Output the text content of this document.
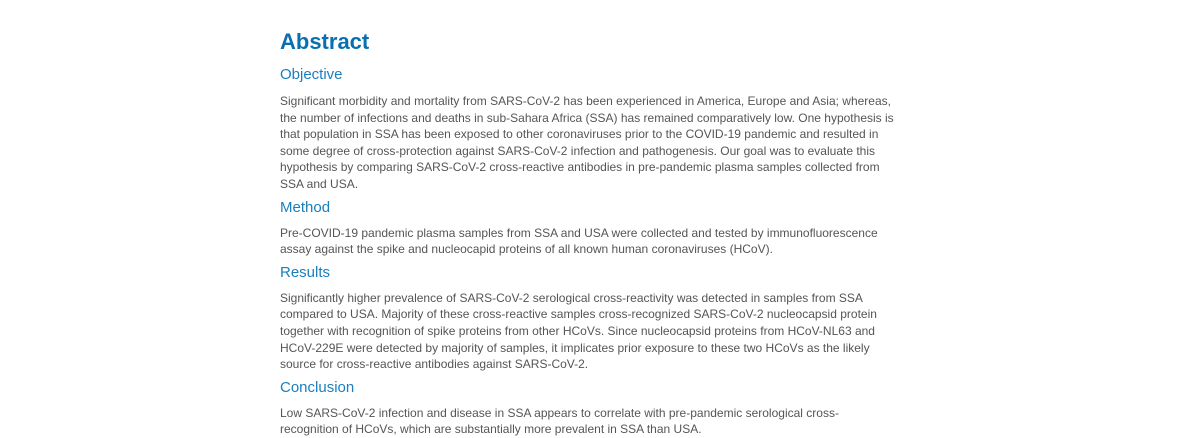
Abstract
Objective

Significant morbidity and mortality from SARS-CoV-2 has been experienced in America, Europe and Asia; whereas, the number of infections and deaths in sub-Sahara Africa (SSA) has remained comparatively low. One hypothesis is that population in SSA has been exposed to other coronaviruses prior to the COVID-19 pandemic and resulted in some degree of cross-protection against SARS-CoV-2 infection and pathogenesis. Our goal was to evaluate this hypothesis by comparing SARS-CoV-2 cross-reactive antibodies in pre-pandemic plasma samples collected from SSA and USA.

Method

Pre-COVID-19 pandemic plasma samples from SSA and USA were collected and tested by immunofluorescence assay against the spike and nucleocapid proteins of all known human coronaviruses (HCoV).

Results

Significantly higher prevalence of SARS-CoV-2 serological cross-reactivity was detected in samples from SSA compared to USA. Majority of these cross-reactive samples cross-recognized SARS-CoV-2 nucleocapsid protein together with recognition of spike proteins from other HCoVs. Since nucleocapsid proteins from HCoV-NL63 and HCoV-229E were detected by majority of samples, it implicates prior exposure to these two HCoVs as the likely source for cross-reactive antibodies against SARS-CoV-2.

Conclusion

Low SARS-CoV-2 infection and disease in SSA appears to correlate with pre-pandemic serological cross-recognition of HCoVs, which are substantially more prevalent in SSA than USA.
